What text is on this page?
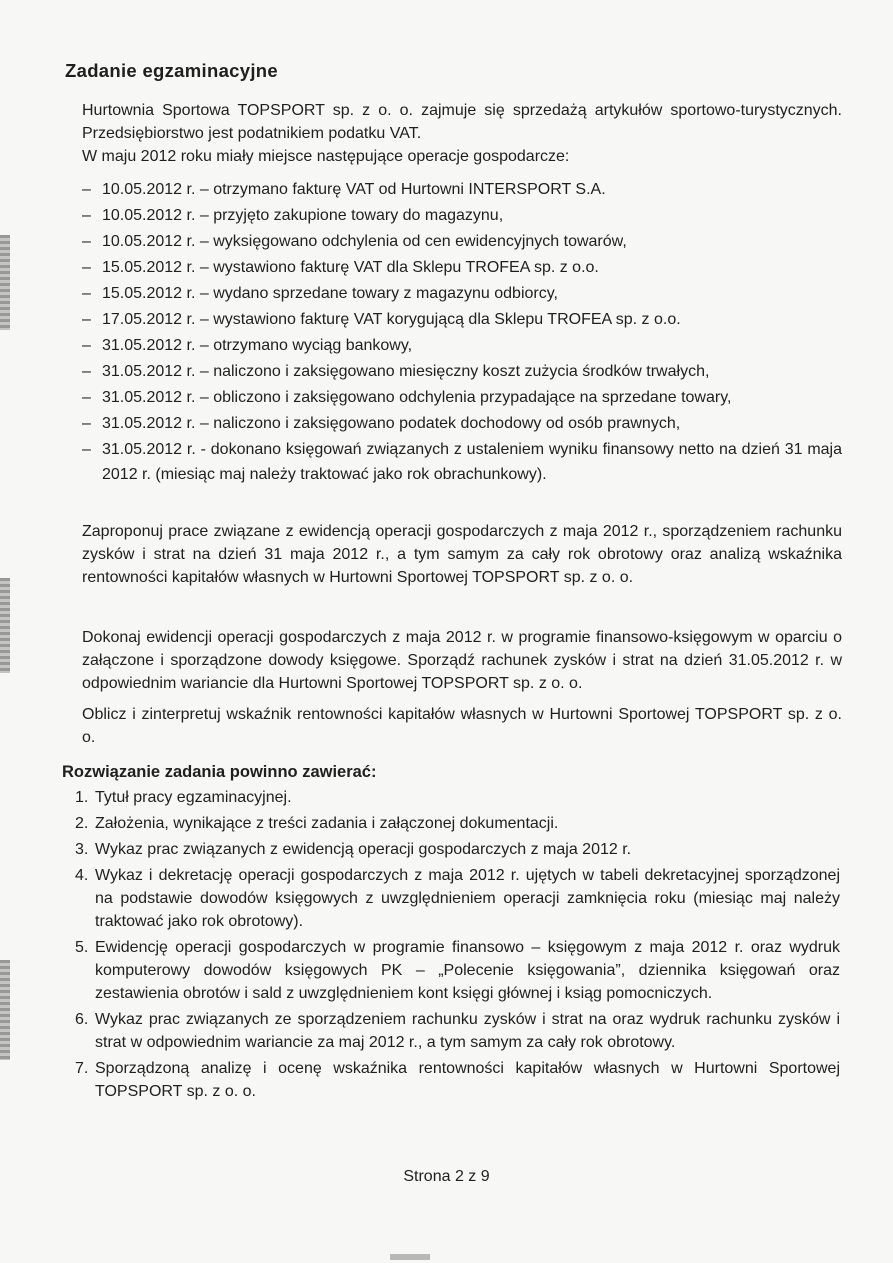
Zadanie egzaminacyjne
Hurtownia Sportowa TOPSPORT sp. z o. o. zajmuje się sprzedażą artykułów sportowo-turystycznych. Przedsiębiorstwo jest podatnikiem podatku VAT.
W maju 2012 roku miały miejsce następujące operacje gospodarcze:
– 10.05.2012 r. – otrzymano fakturę VAT od Hurtowni INTERSPORT S.A.
– 10.05.2012 r. – przyjęto zakupione towary do magazynu,
– 10.05.2012 r. – wyksięgowano odchylenia od cen ewidencyjnych towarów,
– 15.05.2012 r. – wystawiono fakturę VAT dla Sklepu TROFEA sp. z o.o.
– 15.05.2012 r. – wydano sprzedane towary z magazynu odbiorcy,
– 17.05.2012 r. – wystawiono fakturę VAT korygującą dla Sklepu TROFEA sp. z o.o.
– 31.05.2012 r. – otrzymano wyciąg bankowy,
– 31.05.2012 r. – naliczono i zaksięgowano miesięczny koszt zużycia środków trwałych,
– 31.05.2012 r. – obliczono i zaksięgowano odchylenia przypadające na sprzedane towary,
– 31.05.2012 r. – naliczono i zaksięgowano podatek dochodowy od osób prawnych,
– 31.05.2012 r. - dokonano księgowań związanych z ustaleniem wyniku finansowy netto na dzień 31 maja 2012 r. (miesiąc maj należy traktować jako rok obrachunkowy).
Zaproponuj prace związane z ewidencją operacji gospodarczych z maja 2012 r., sporządzeniem rachunku zysków i strat na dzień 31 maja 2012 r., a tym samym za cały rok obrotowy oraz analizą wskaźnika rentowności kapitałów własnych w Hurtowni Sportowej TOPSPORT sp. z o. o.
Dokonaj ewidencji operacji gospodarczych z maja 2012 r. w programie finansowo-księgowym w oparciu o załączone i sporządzone dowody księgowe. Sporządź rachunek zysków i strat na dzień 31.05.2012 r. w odpowiednim wariancie dla Hurtowni Sportowej TOPSPORT sp. z o. o.
Oblicz i zinterpretuj wskaźnik rentowności kapitałów własnych w Hurtowni Sportowej TOPSPORT sp. z o. o.
Rozwiązanie zadania powinno zawierać:
1. Tytuł pracy egzaminacyjnej.
2. Założenia, wynikające z treści zadania i załączonej dokumentacji.
3. Wykaz prac związanych z ewidencją operacji gospodarczych z maja 2012 r.
4. Wykaz i dekretację operacji gospodarczych z maja 2012 r. ujętych w tabeli dekretacyjnej sporządzonej na podstawie dowodów księgowych z uwzględnieniem operacji zamknięcia roku (miesiąc maj należy traktować jako rok obrotowy).
5. Ewidencję operacji gospodarczych w programie finansowo – księgowym z maja 2012 r. oraz wydruk komputerowy dowodów księgowych PK – „Polecenie księgowania”, dziennika księgowań oraz zestawienia obrotów i sald z uwzględnieniem kont księgi głównej i ksiąg pomocniczych.
6. Wykaz prac związanych ze sporządzeniem rachunku zysków i strat na oraz wydruk rachunku zysków i strat w odpowiednim wariancie za maj 2012 r., a tym samym za cały rok obrotowy.
7. Sporządzoną analizę i ocenę wskaźnika rentowności kapitałów własnych w Hurtowni Sportowej TOPSPORT sp. z o. o.
Strona 2 z 9
